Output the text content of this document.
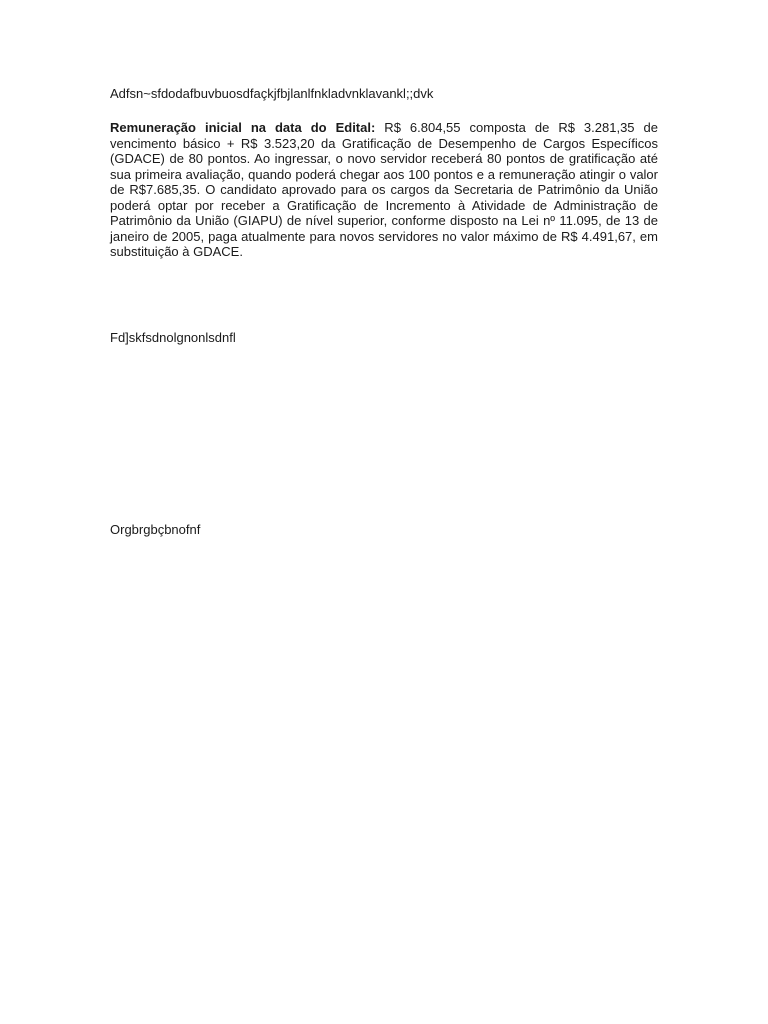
Adfsn~sfdodafbuvbuosdfaçkjfbjlanlfnkladvnklavankl;;dvk
Remuneração inicial na data do Edital: R$ 6.804,55 composta de R$ 3.281,35 de vencimento básico + R$ 3.523,20 da Gratificação de Desempenho de Cargos Específicos (GDACE) de 80 pontos. Ao ingressar, o novo servidor receberá 80 pontos de gratificação até sua primeira avaliação, quando poderá chegar aos 100 pontos e a remuneração atingir o valor de R$7.685,35. O candidato aprovado para os cargos da Secretaria de Patrimônio da União poderá optar por receber a Gratificação de Incremento à Atividade de Administração de Patrimônio da União (GIAPU) de nível superior, conforme disposto na Lei nº 11.095, de 13 de janeiro de 2005, paga atualmente para novos servidores no valor máximo de R$ 4.491,67, em substituição à GDACE.
Fd]skfsdnolgnonlsdnfl
Orgbrgbçbnofnf
